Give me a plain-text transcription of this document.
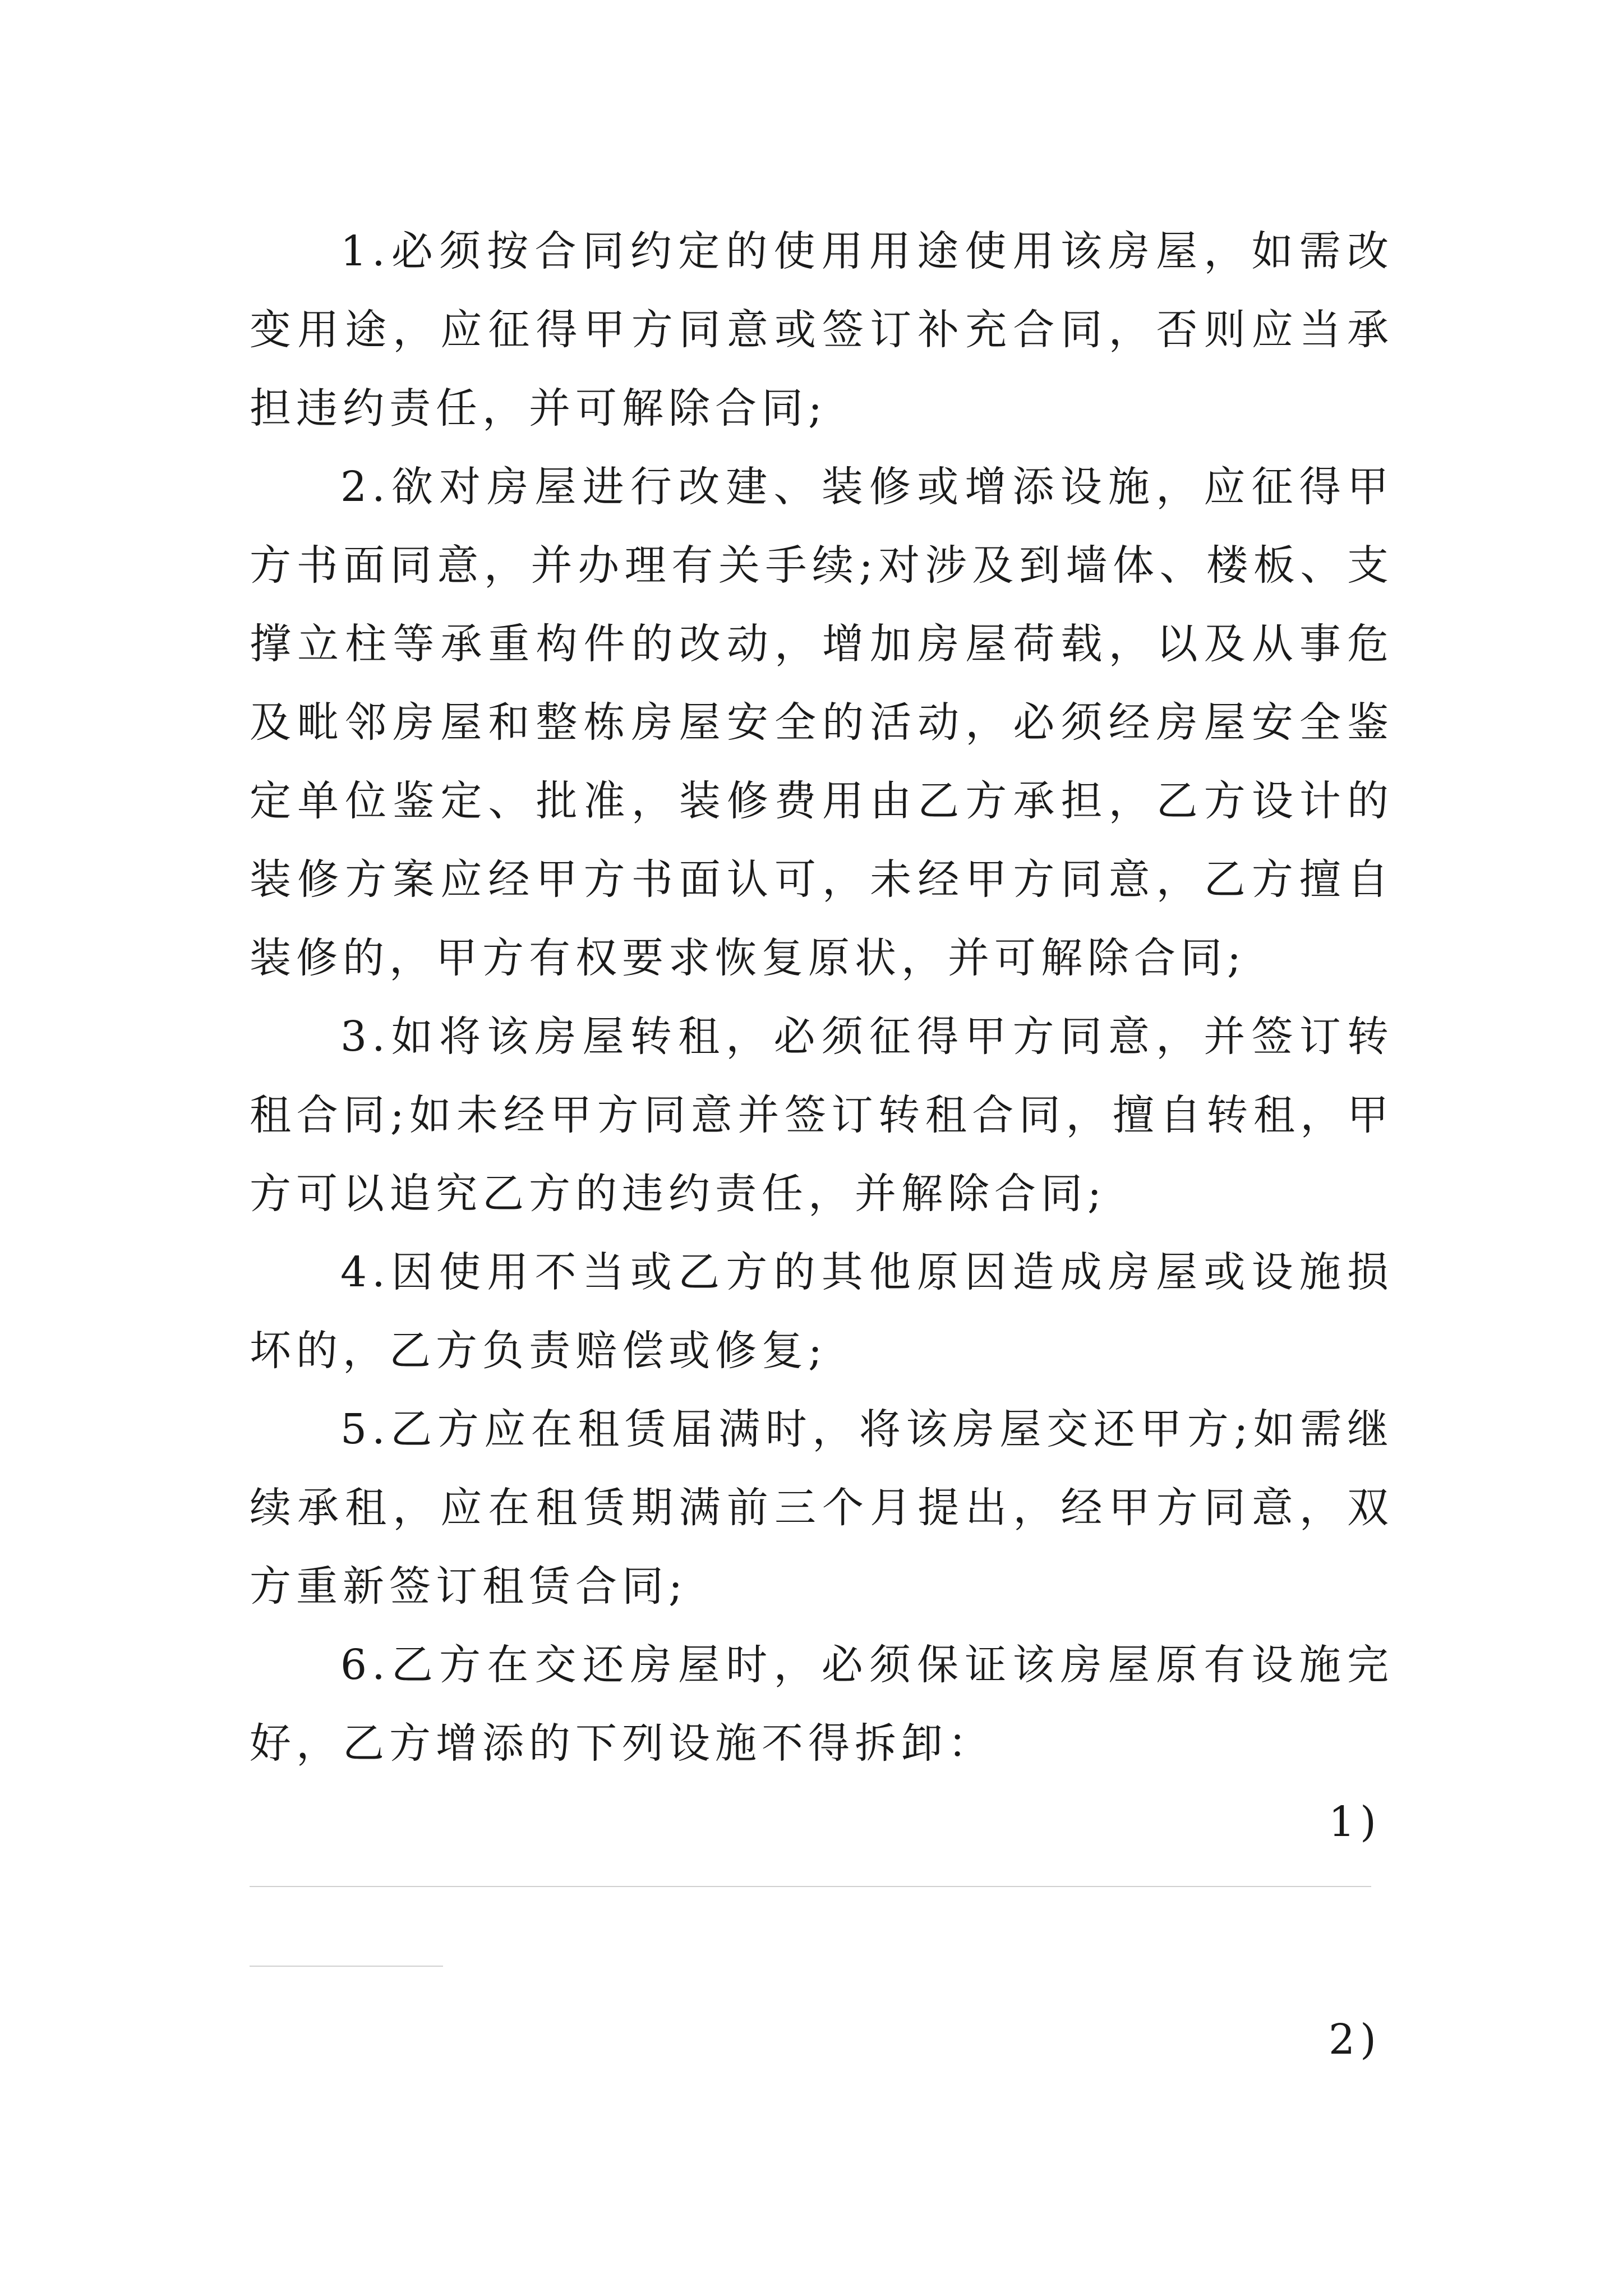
1.必须按合同约定的使用用途使用该房屋，如需改变用途，应征得甲方同意或签订补充合同，否则应当承担违约责任，并可解除合同;

2.欲对房屋进行改建、装修或增添设施，应征得甲方书面同意，并办理有关手续;对涉及到墙体、楼板、支撑立柱等承重构件的改动，增加房屋荷载，以及从事危及毗邻房屋和整栋房屋安全的活动，必须经房屋安全鉴定单位鉴定、批准，装修费用由乙方承担，乙方设计的装修方案应经甲方书面认可，未经甲方同意，乙方擅自装修的，甲方有权要求恢复原状，并可解除合同;

3.如将该房屋转租，必须征得甲方同意，并签订转租合同;如未经甲方同意并签订转租合同，擅自转租，甲方可以追究乙方的违约责任，并解除合同;

4.因使用不当或乙方的其他原因造成房屋或设施损坏的，乙方负责赔偿或修复;

5.乙方应在租赁届满时，将该房屋交还甲方;如需继续承租，应在租赁期满前三个月提出，经甲方同意，双方重新签订租赁合同;

6.乙方在交还房屋时，必须保证该房屋原有设施完好，乙方增添的下列设施不得拆卸：

1)

2)
